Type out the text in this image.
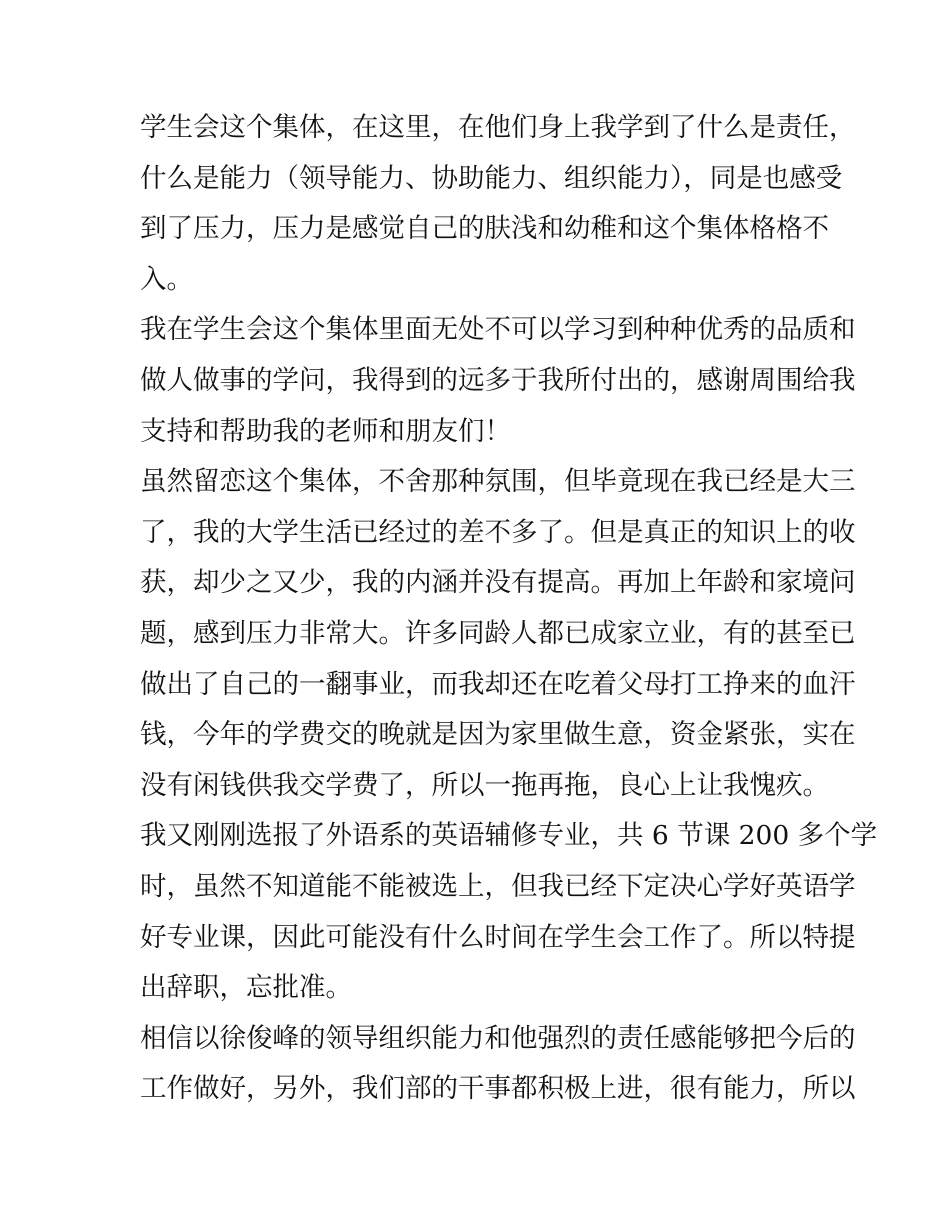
学生会这个集体，在这里，在他们身上我学到了什么是责任，
什么是能力（领导能力、协助能力、组织能力），同是也感受
到了压力，压力是感觉自己的肤浅和幼稚和这个集体格格不
入。
我在学生会这个集体里面无处不可以学习到种种优秀的品质和
做人做事的学问，我得到的远多于我所付出的，感谢周围给我
支持和帮助我的老师和朋友们！
虽然留恋这个集体，不舍那种氛围，但毕竟现在我已经是大三
了，我的大学生活已经过的差不多了。但是真正的知识上的收
获，却少之又少，我的内涵并没有提高。再加上年龄和家境问
题，感到压力非常大。许多同龄人都已成家立业，有的甚至已
做出了自己的一翻事业，而我却还在吃着父母打工挣来的血汗
钱，今年的学费交的晚就是因为家里做生意，资金紧张，实在
没有闲钱供我交学费了，所以一拖再拖，良心上让我愧疚。
我又刚刚选报了外语系的英语辅修专业，共 6 节课 200 多个学
时，虽然不知道能不能被选上，但我已经下定决心学好英语学
好专业课，因此可能没有什么时间在学生会工作了。所以特提
出辞职，忘批准。
相信以徐俊峰的领导组织能力和他强烈的责任感能够把今后的
工作做好，另外，我们部的干事都积极上进，很有能力，所以
